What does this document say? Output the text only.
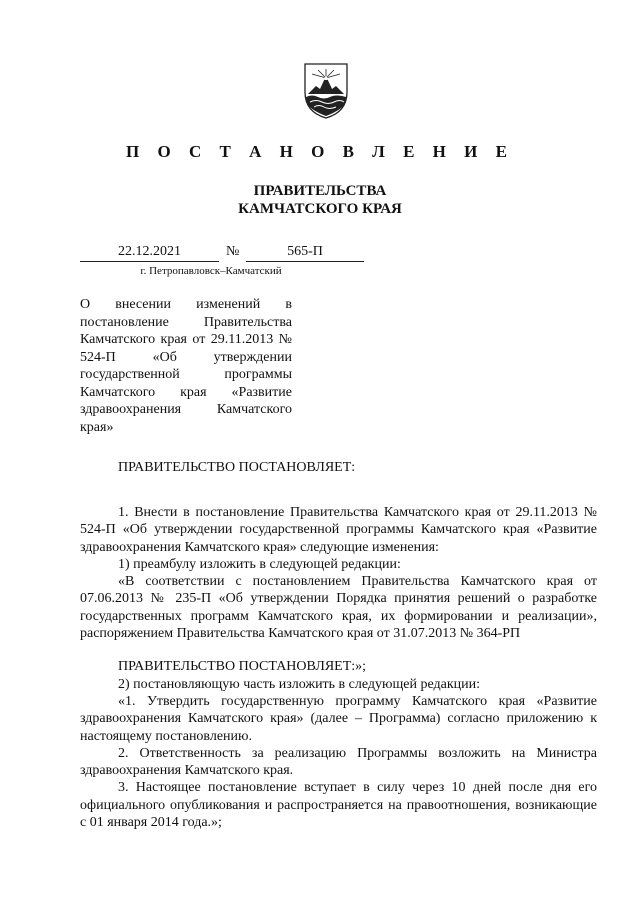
П О С Т А Н О В Л Е Н И Е
ПРАВИТЕЛЬСТВА
КАМЧАТСКОГО КРАЯ
22.12.2021	№	565-П
г. Петропавловск–Камчатский

О внесении изменений в постановление Правительства Камчатского края от 29.11.2013 № 524-П «Об утверждении государственной программы Камчатского края «Развитие здравоохранения Камчатского края»

ПРАВИТЕЛЬСТВО ПОСТАНОВЛЯЕТ:

1. Внести в постановление Правительства Камчатского края от 29.11.2013 № 524-П «Об утверждении государственной программы Камчатского края «Развитие здравоохранения Камчатского края» следующие изменения:

1) преамбулу изложить в следующей редакции:

«В соответствии с постановлением Правительства Камчатского края от 07.06.2013 № 235-П «Об утверждении Порядка принятия решений о разработке государственных программ Камчатского края, их формировании и реализации», распоряжением Правительства Камчатского края от 31.07.2013 № 364-РП

ПРАВИТЕЛЬСТВО ПОСТАНОВЛЯЕТ:»;

2) постановляющую часть изложить в следующей редакции:

«1. Утвердить государственную программу Камчатского края «Развитие здравоохранения Камчатского края» (далее – Программа) согласно приложению к настоящему постановлению.

2. Ответственность за реализацию Программы возложить на Министра здравоохранения Камчатского края.

3. Настоящее постановление вступает в силу через 10 дней после дня его официального опубликования и распространяется на правоотношения, возникающие с 01 января 2014 года.»;
